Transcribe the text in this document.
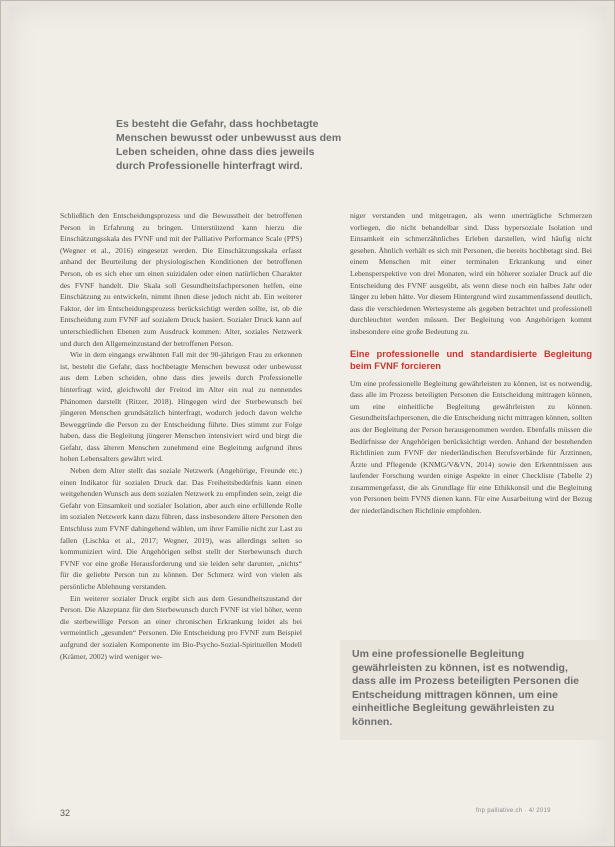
Es besteht die Gefahr, dass hochbetagte Menschen bewusst oder unbewusst aus dem Leben scheiden, ohne dass dies jeweils durch Professionelle hinterfragt wird.

Schließlich den Entscheidungsprozess und die Bewusstheit der betroffenen Person in Erfahrung zu bringen. Unterstützend kann hierzu die Einschätzungsskala des FVNF und mit der Palliative Performance Scale (PPS) (Wegner et al., 2016) eingesetzt werden. Die Einschätzungsskala erfasst anhand der Beurteilung der physiologischen Konditionen der betroffenen Person, ob es sich eher um einen suizidalen oder einen natürlichen Charakter des FVNF handelt. Die Skala soll Gesundheitsfachpersonen helfen, eine Einschätzung zu entwickeln, nimmt ihnen diese jedoch nicht ab. Ein weiterer Faktor, der im Entscheidungsprozess berücksichtigt werden sollte, ist, ob die Entscheidung zum FVNF auf sozialem Druck basiert. Sozialer Druck kann auf unterschiedlichen Ebenen zum Ausdruck kommen: Alter, soziales Netzwerk und durch den Allgemeinzustand der betroffenen Person.

Wie in dem eingangs erwähnten Fall mit der 90-jährigen Frau zu erkennen ist, besteht die Gefahr, dass hochbetagte Menschen bewusst oder unbewusst aus dem Leben scheiden, ohne dass dies jeweils durch Professionelle hinterfragt wird, gleichwohl der Freitod im Alter ein real zu nennendes Phänomen darstellt (Ritzer, 2018). Hingegen wird der Sterbewunsch bei jüngeren Menschen grundsätzlich hinterfragt, wodurch jedoch davon welche Beweggründe die Person zu der Entscheidung führte. Dies stimmt zur Folge haben, dass die Begleitung jüngerer Menschen intensiviert wird und birgt die Gefahr, dass älteren Menschen zunehmend eine Begleitung aufgrund ihres hohen Lebensalters gewährt wird.

Neben dem Alter stellt das soziale Netzwerk (Angehörige, Freunde etc.) einen Indikator für sozialen Druck dar. Das Freiheitsbedürfnis kann einen weitgehenden Wunsch aus dem sozialen Netzwerk zu empfinden sein, zeigt die Gefahr von Einsamkeit und sozialer Isolation, aber auch eine erfüllende Rolle im sozialen Netzwerk kann dazu führen, dass insbesondere ältere Personen den Entschluss zum FVNF dahingehend wählen, um ihrer Familie nicht zur Last zu fallen (Lischka et al., 2017; Wegner, 2019), was allerdings selten so kommuniziert wird. Die Angehörigen selbst stellt der Sterbewunsch durch FVNF vor eine große Herausforderung und sie leiden sehr darunter, „nichts“ für die geliebte Person tun zu können. Der Schmerz wird von vielen als persönliche Ablehnung verstanden.

Ein weiterer sozialer Druck ergibt sich aus dem Gesundheitszustand der Person. Die Akzeptanz für den Sterbewunsch durch FVNF ist viel höher, wenn die sterbewillige Person an einer chronischen Erkrankung leidet als bei vermeintlich „gesunden“ Personen. Die Entscheidung pro FVNF zum Beispiel aufgrund der sozialen Komponente im Bio-Psycho-Sozial-Spirituellen Modell (Krämer, 2002) wird weniger we-

niger verstanden und mitgetragen, als wenn unerträgliche Schmerzen vorliegen, die nicht behandelbar sind. Dass hypersoziale Isolation und Einsamkeit ein schmerzähnliches Erleben darstellen, wird häufig nicht gesehen. Ähnlich verhält es sich mit Personen, die bereits hochbetagt sind. Bei einem Menschen mit einer terminalen Erkrankung und einer Lebensperspektive von drei Monaten, wird ein höherer sozialer Druck auf die Entscheidung des FVNF ausgeübt, als wenn diese noch ein halbes Jahr oder länger zu leben hätte. Vor diesem Hintergrund wird zusammenfassend deutlich, dass die verschiedenen Wertesysteme als gegeben betrachtet und professionell durchleuchtet werden müssen. Der Begleitung von Angehörigen kommt insbesondere eine große Bedeutung zu.

Eine professionelle und standardisierte Begleitung beim FVNF forcieren

Um eine professionelle Begleitung gewährleisten zu können, ist es notwendig, dass alle im Prozess beteiligten Personen die Entscheidung mittragen können, um eine einheitliche Begleitung gewährleisten zu können. Gesundheitsfachpersonen, die die Entscheidung nicht mittragen können, sollten aus der Begleitung der Person herausgenommen werden. Ebenfalls müssen die Bedürfnisse der Angehörigen berücksichtigt werden. Anhand der bestehenden Richtlinien zum FVNF der niederländischen Berufsverbände für Ärztinnen, Ärzte und Pflegende (KNMG/V&VN, 2014) sowie den Erkenntnissen aus laufender Forschung wurden einige Aspekte in einer Checkliste (Tabelle 2) zusammengefasst, die als Grundlage für eine Ethikkonsil und die Begleitung von Personen beim FVNS dienen kann. Für eine Ausarbeitung wird der Bezug der niederländischen Richtlinie empfohlen.

Um eine professionelle Begleitung gewährleisten zu können, ist es notwendig, dass alle im Prozess beteiligten Personen die Entscheidung mittragen können, um eine einheitliche Begleitung gewährleisten zu können.
32	fnp palliative.ch · 4/ 2019
